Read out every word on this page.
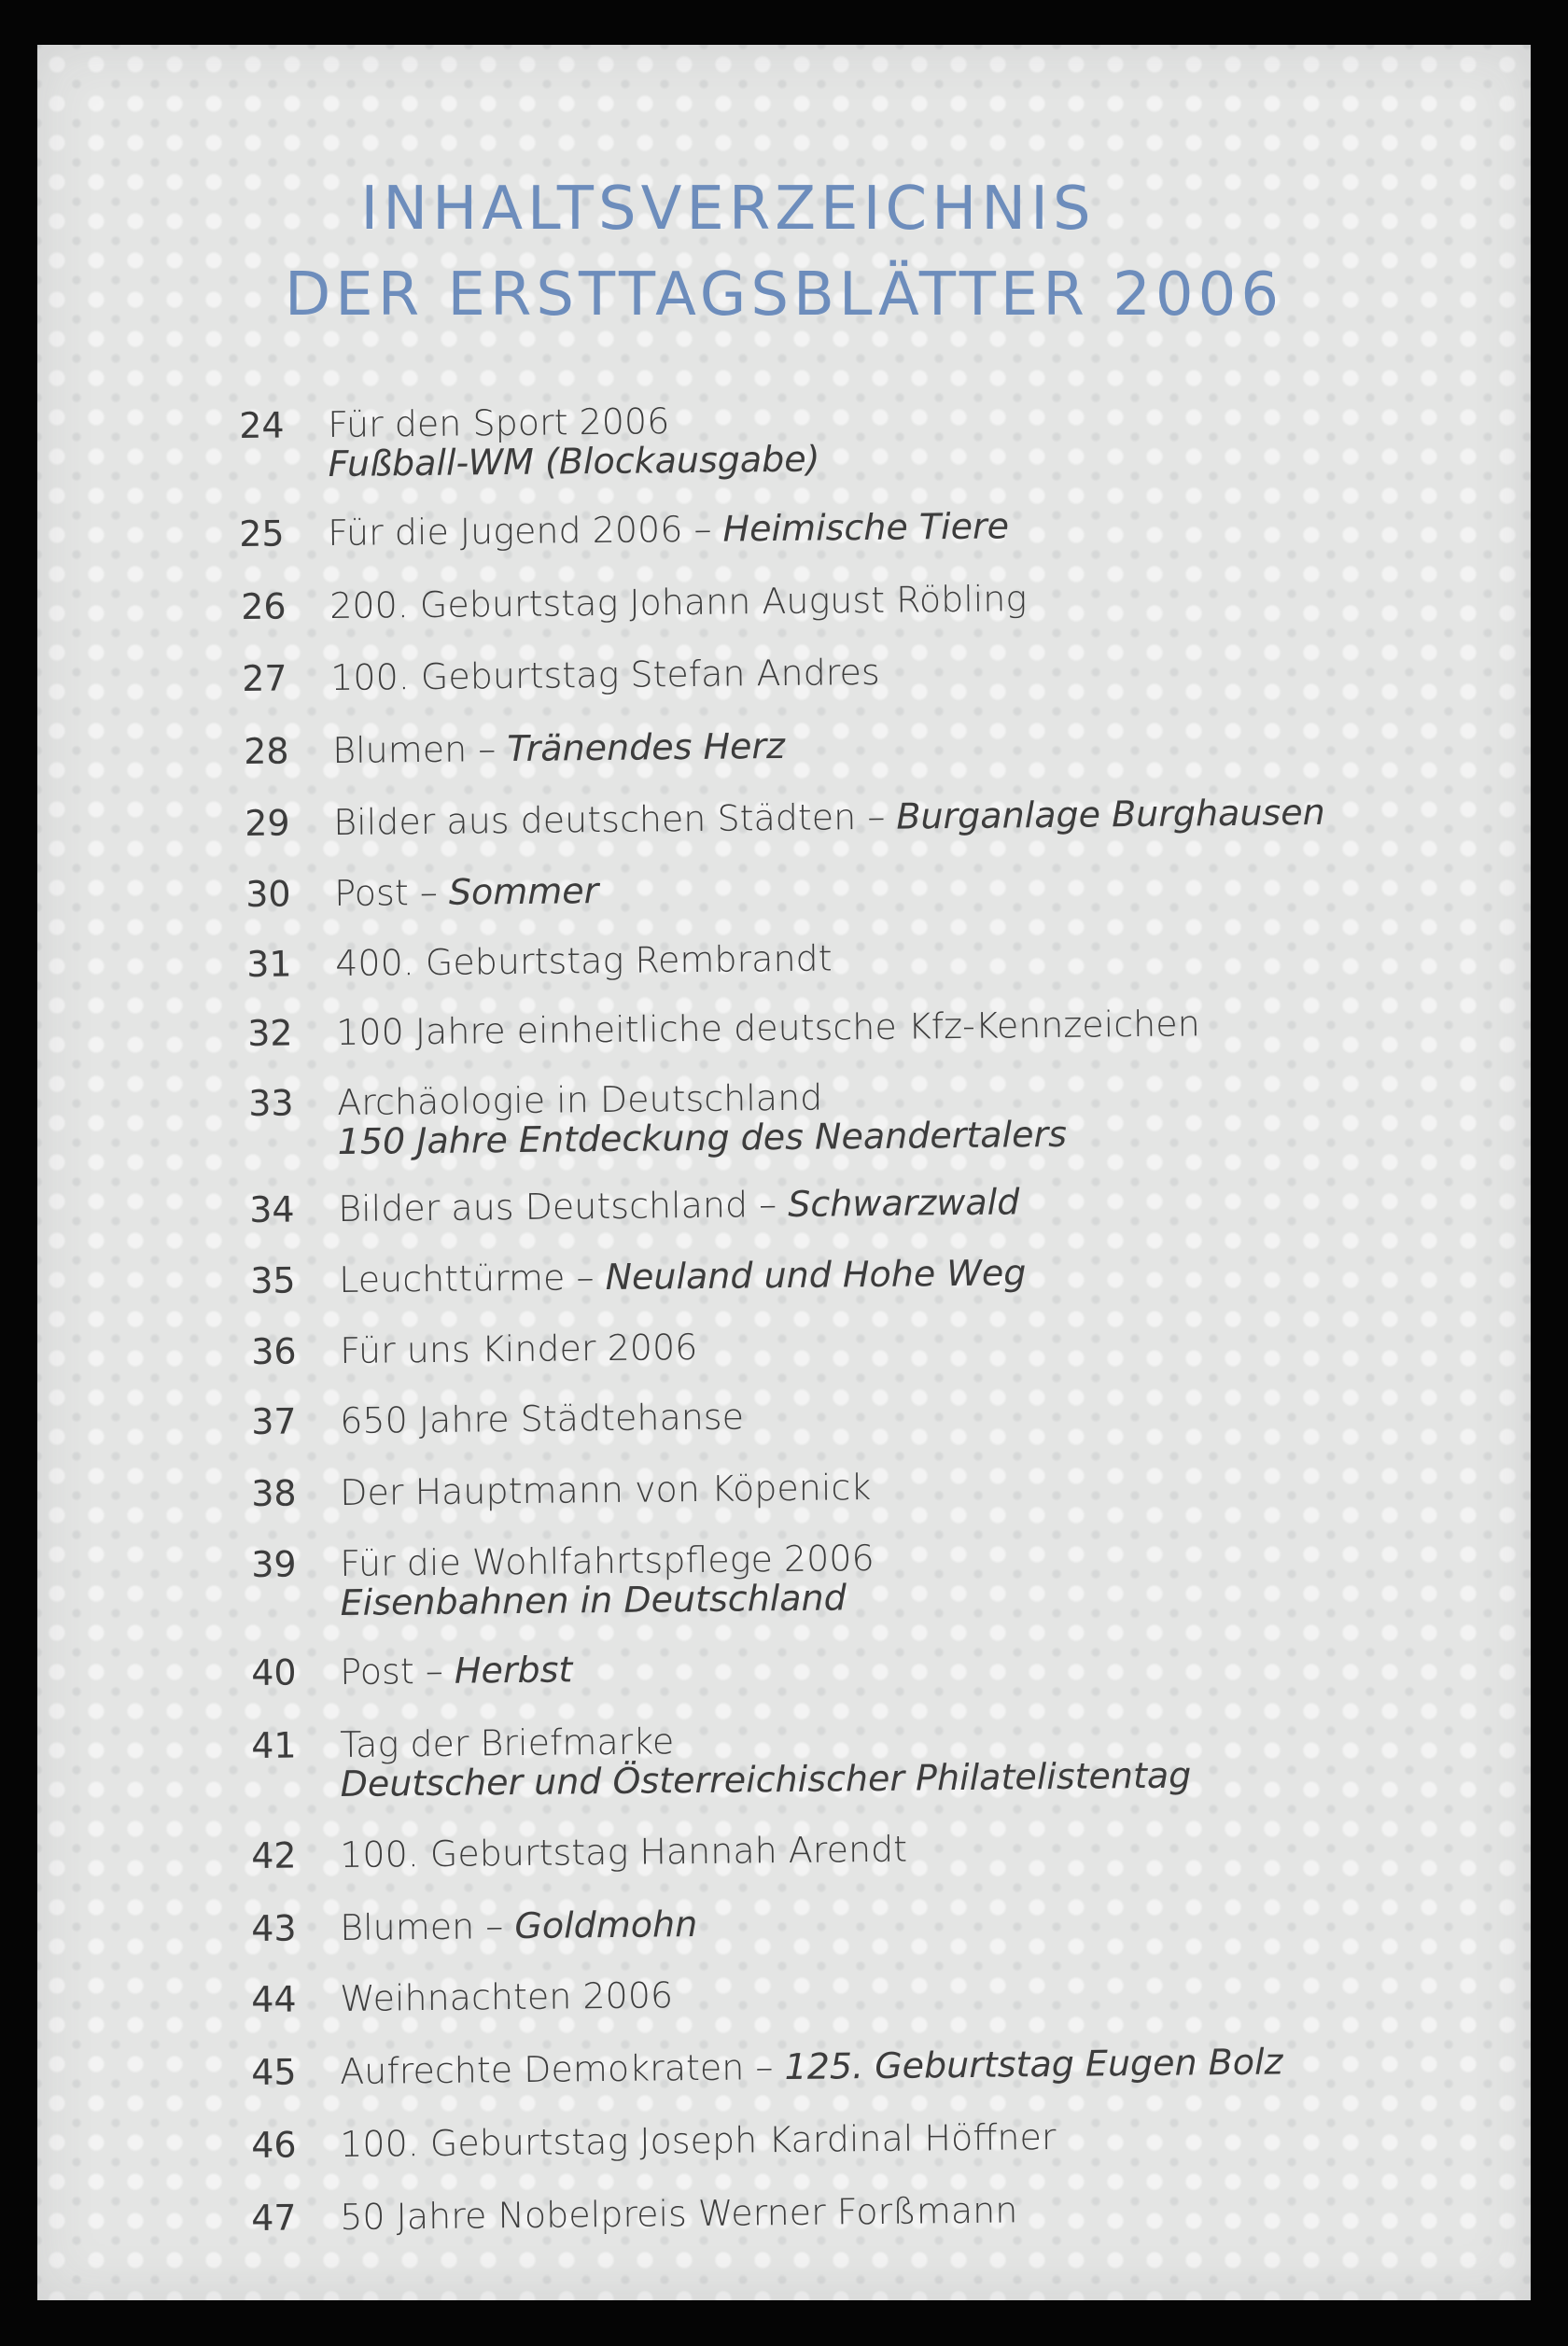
INHALTSVERZEICHNIS
DER ERSTTAGSBLÄTTER 2006
24 Für den Sport 2006
Fußball-WM (Blockausgabe)
25 Für die Jugend 2006 – Heimische Tiere
26 200. Geburtstag Johann August Röbling
27 100. Geburtstag Stefan Andres
28 Blumen – Tränendes Herz
29 Bilder aus deutschen Städten – Burganlage Burghausen
30 Post – Sommer
31 400. Geburtstag Rembrandt
32 100 Jahre einheitliche deutsche Kfz-Kennzeichen
33 Archäologie in Deutschland
150 Jahre Entdeckung des Neandertalers
34 Bilder aus Deutschland – Schwarzwald
35 Leuchttürme – Neuland und Hohe Weg
36 Für uns Kinder 2006
37 650 Jahre Städtehanse
38 Der Hauptmann von Köpenick
39 Für die Wohlfahrtspflege 2006
Eisenbahnen in Deutschland
40 Post – Herbst
41 Tag der Briefmarke
Deutscher und Österreichischer Philatelistentag
42 100. Geburtstag Hannah Arendt
43 Blumen – Goldmohn
44 Weihnachten 2006
45 Aufrechte Demokraten – 125. Geburtstag Eugen Bolz
46 100. Geburtstag Joseph Kardinal Höffner
47 50 Jahre Nobelpreis Werner Forßmann
